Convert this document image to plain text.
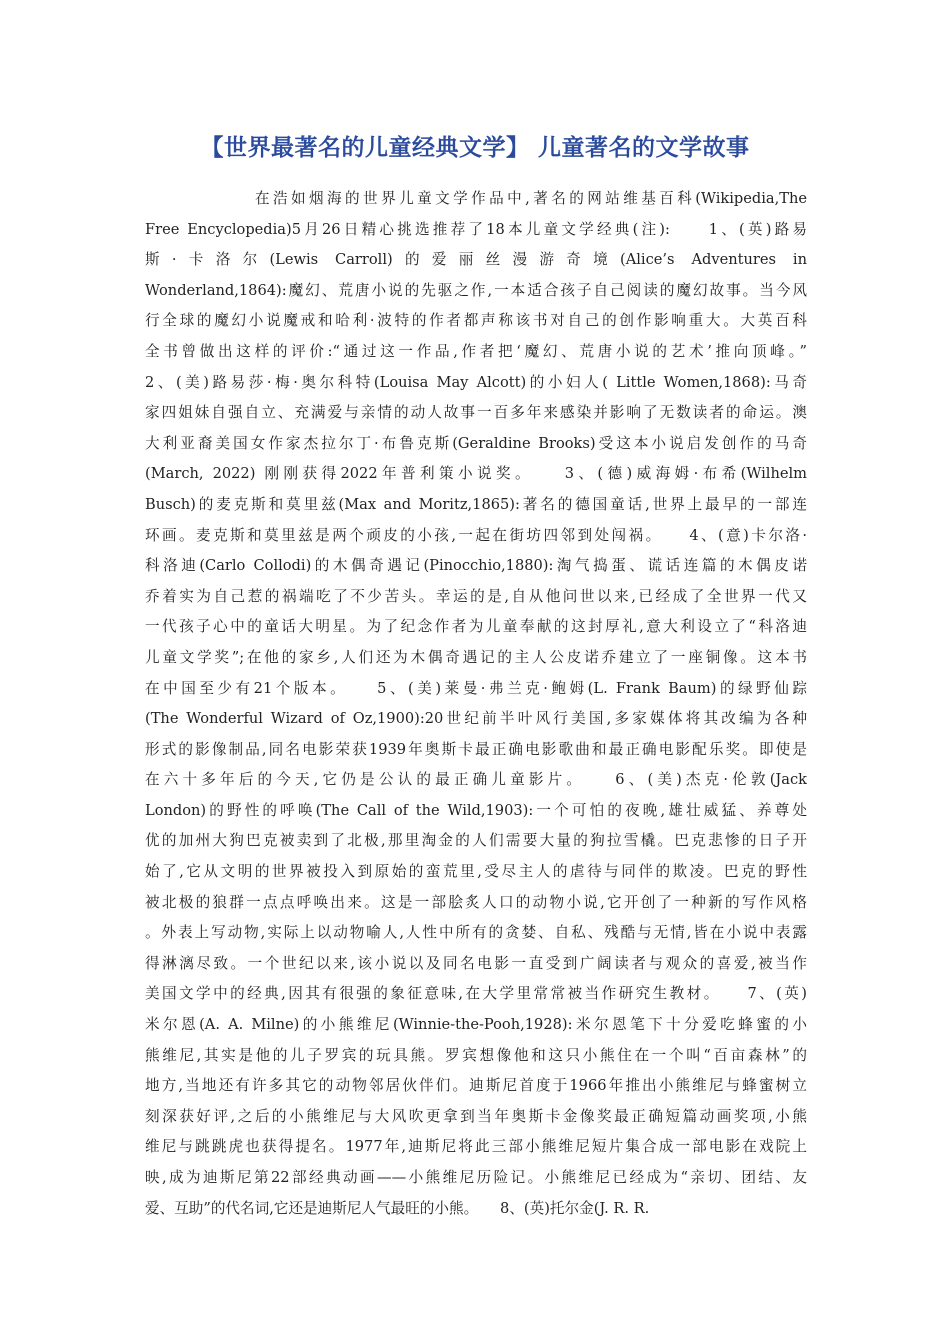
【世界最著名的儿童经典文学】 儿童著名的文学故事
在浩如烟海的世界儿童文学作品中,著名的网站维基百科(Wikipedia,The
Free Encyclopedia)5月26日精心挑选推荐了18本儿童文学经典(注):　　1、(英)路易
斯·卡洛尔(Lewis Carroll)的爱丽丝漫游奇境(Alice’s Adventures in
Wonderland,1864):魔幻、荒唐小说的先驱之作,一本适合孩子自己阅读的魔幻故事。当今风
行全球的魔幻小说魔戒和哈利·波特的作者都声称该书对自己的创作影响重大。大英百科
全书曾做出这样的评价:“通过这一作品,作者把‘魔幻、荒唐小说的艺术’推向顶峰。”
2、(美)路易莎·梅·奥尔科特(Louisa May Alcott)的小妇人( Little Women,1868):马奇
家四姐妹自强自立、充满爱与亲情的动人故事一百多年来感染并影响了无数读者的命运。澳
大利亚裔美国女作家杰拉尔丁·布鲁克斯(Geraldine Brooks)受这本小说启发创作的马奇
(March, 2022) 刚刚获得2022年普利策小说奖。　　3、(德)威海姆·布希(Wilhelm
Busch)的麦克斯和莫里兹(Max and Moritz,1865):著名的德国童话,世界上最早的一部连
环画。麦克斯和莫里兹是两个顽皮的小孩,一起在街坊四邻到处闯祸。　　4、(意)卡尔洛·
科洛迪(Carlo Collodi)的木偶奇遇记(Pinocchio,1880):淘气捣蛋、谎话连篇的木偶皮诺
乔着实为自己惹的祸端吃了不少苦头。幸运的是,自从他问世以来,已经成了全世界一代又
一代孩子心中的童话大明星。为了纪念作者为儿童奉献的这封厚礼,意大利设立了“科洛迪
儿童文学奖”;在他的家乡,人们还为木偶奇遇记的主人公皮诺乔建立了一座铜像。这本书
在中国至少有21个版本。　　5、(美)莱曼·弗兰克·鲍姆(L. Frank Baum)的绿野仙踪
(The Wonderful Wizard of Oz,1900):20世纪前半叶风行美国,多家媒体将其改编为各种
形式的影像制品,同名电影荣获1939年奥斯卡最正确电影歌曲和最正确电影配乐奖。即使是
在六十多年后的今天,它仍是公认的最正确儿童影片。　　6、(美)杰克·伦敦(Jack
London)的野性的呼唤(The Call of the Wild,1903):一个可怕的夜晚,雄壮威猛、养尊处
优的加州大狗巴克被卖到了北极,那里淘金的人们需要大量的狗拉雪橇。巴克悲惨的日子开
始了,它从文明的世界被投入到原始的蛮荒里,受尽主人的虐待与同伴的欺凌。巴克的野性
被北极的狼群一点点呼唤出来。这是一部脍炙人口的动物小说,它开创了一种新的写作风格
。外表上写动物,实际上以动物喻人,人性中所有的贪婪、自私、残酷与无情,皆在小说中表露
得淋漓尽致。一个世纪以来,该小说以及同名电影一直受到广阔读者与观众的喜爱,被当作
美国文学中的经典,因其有很强的象征意味,在大学里常常被当作研究生教材。　　7、(英)
米尔恩(A. A. Milne)的小熊维尼(Winnie-the-Pooh,1928):米尔恩笔下十分爱吃蜂蜜的小
熊维尼,其实是他的儿子罗宾的玩具熊。罗宾想像他和这只小熊住在一个叫“百亩森林”的
地方,当地还有许多其它的动物邻居伙伴们。迪斯尼首度于1966年推出小熊维尼与蜂蜜树立
刻深获好评,之后的小熊维尼与大风吹更拿到当年奥斯卡金像奖最正确短篇动画奖项,小熊
维尼与跳跳虎也获得提名。1977年,迪斯尼将此三部小熊维尼短片集合成一部电影在戏院上
映,成为迪斯尼第22部经典动画——小熊维尼历险记。小熊维尼已经成为“亲切、团结、友
爱、互助”的代名词,它还是迪斯尼人气最旺的小熊。　　8、(英)托尔金(J. R. R.
